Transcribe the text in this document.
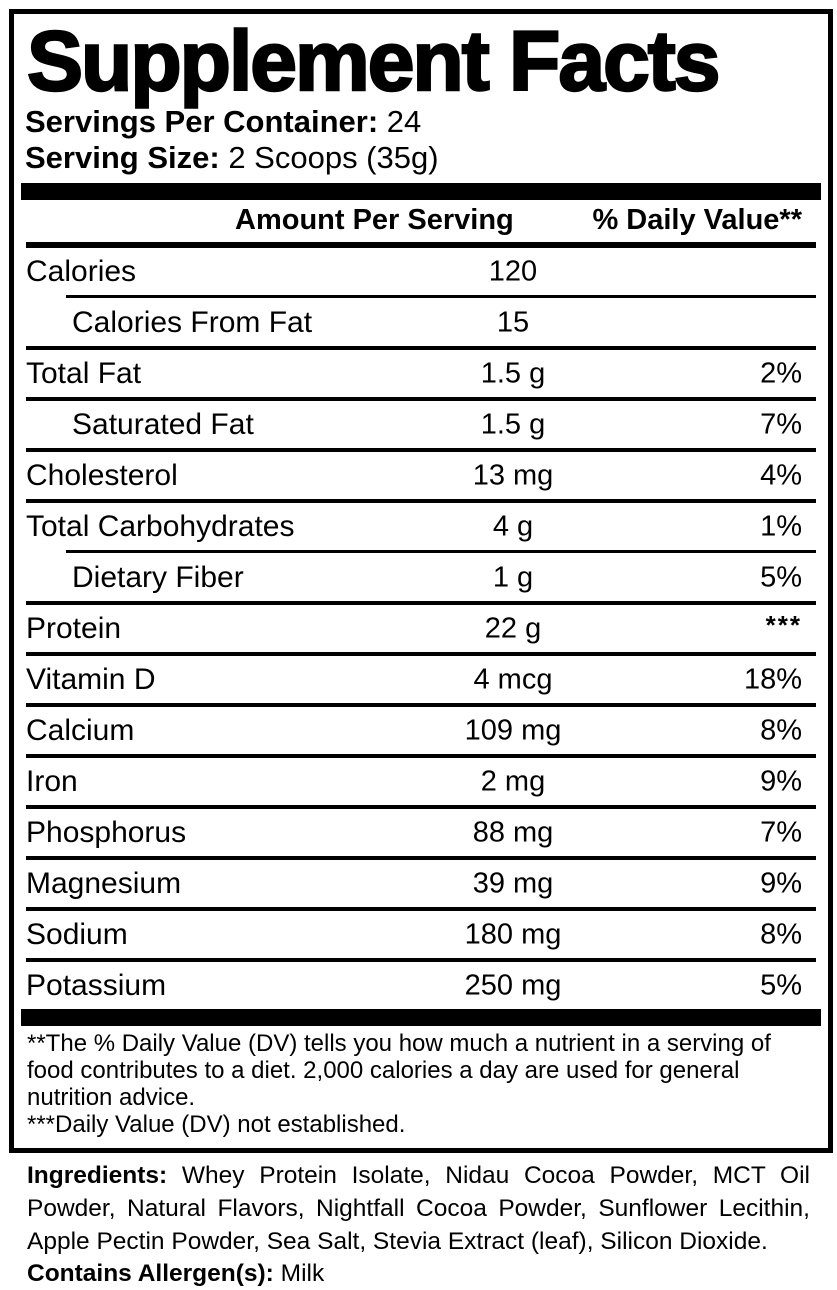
Supplement Facts
Servings Per Container: 24
Serving Size: 2 Scoops (35g)
Amount Per Serving	% Daily Value**
Calories	120
Calories From Fat	15
Total Fat	1.5 g	2%
Saturated Fat	1.5 g	7%
Cholesterol	13 mg	4%
Total Carbohydrates	4 g	1%
Dietary Fiber	1 g	5%
Protein	22 g	***
Vitamin D	4 mcg	18%
Calcium	109 mg	8%
Iron	2 mg	9%
Phosphorus	88 mg	7%
Magnesium	39 mg	9%
Sodium	180 mg	8%
Potassium	250 mg	5%
**The % Daily Value (DV) tells you how much a nutrient in a serving of food contributes to a diet. 2,000 calories a day are used for general nutrition advice.
***Daily Value (DV) not established.
Ingredients: Whey Protein Isolate, Nidau Cocoa Powder, MCT Oil Powder, Natural Flavors, Nightfall Cocoa Powder, Sunflower Lecithin, Apple Pectin Powder, Sea Salt, Stevia Extract (leaf), Silicon Dioxide.
Contains Allergen(s): Milk
